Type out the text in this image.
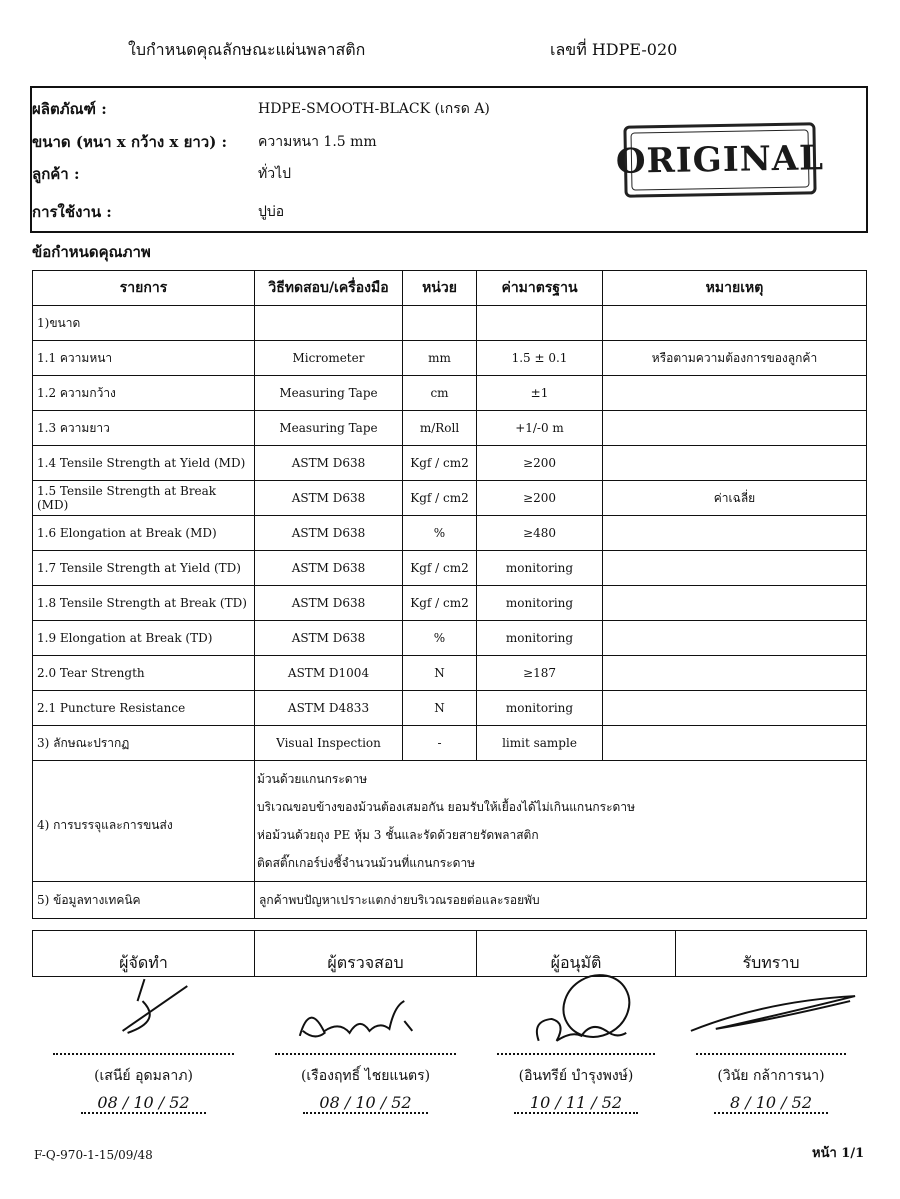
ใบกำหนดคุณลักษณะแผ่นพลาสติก	เลขที่ HDPE-020
ผลิตภัณฑ์ :	HDPE-SMOOTH-BLACK (เกรด A)
ขนาด (หนา x กว้าง x ยาว) : ความหนา 1.5 mm
ลูกค้า :	ทั่วไป
การใช้งาน :	ปูบ่อ
ORIGINAL
ข้อกำหนดคุณภาพ
รายการ	วิธีทดสอบ/เครื่องมือ	หน่วย	ค่ามาตรฐาน	หมายเหตุ
1)ขนาด				
1.1 ความหนา	Micrometer	mm	1.5 ± 0.1	หรือตามความต้องการของลูกค้า
1.2 ความกว้าง	Measuring Tape	cm	±1	
1.3 ความยาว	Measuring Tape	m/Roll	+1/-0 m	
1.4 Tensile Strength at Yield (MD)	ASTM D638	Kgf / cm2	≥200	
1.5 Tensile Strength at Break (MD)	ASTM D638	Kgf / cm2	≥200	ค่าเฉลี่ย
1.6 Elongation at Break (MD)	ASTM D638	%	≥480	
1.7 Tensile Strength at Yield (TD)	ASTM D638	Kgf / cm2	monitoring	
1.8 Tensile Strength at Break (TD)	ASTM D638	Kgf / cm2	monitoring	
1.9 Elongation at Break (TD)	ASTM D638	%	monitoring	
2.0 Tear Strength	ASTM D1004	N	≥187	
2.1 Puncture Resistance	ASTM D4833	N	monitoring	
3) ลักษณะปรากฏ	Visual Inspection	-	limit sample	
4) การบรรจุและการขนส่ง	ม้วนด้วยแกนกระดาษ
บริเวณขอบข้างของม้วนต้องเสมอกัน ยอมรับให้เยื้องได้ไม่เกินแกนกระดาษ
ห่อม้วนด้วยถุง PE หุ้ม 3 ชั้นและรัดด้วยสายรัดพลาสติก
ติดสติ๊กเกอร์บ่งชี้จำนวนม้วนที่แกนกระดาษ			

5) ข้อมูลทางเทคนิค	ลูกค้าพบปัญหาเปราะแตกง่ายบริเวณรอยต่อและรอยพับ			
ผู้จัดทำ
(เสนีย์ อุดมลาภ)
08 / 10 / 52

ผู้ตรวจสอบ
(เรืองฤทธิ์ ไชยแนตร)
08 / 10 / 52

ผู้อนุมัติ
(อินทรีย์ บำรุงพงษ์)
10 / 11 / 52

รับทราบ
(วินัย กล้าการนา)
8 / 10 / 52
F-Q-970-1-15/09/48	หน้า 1/1
